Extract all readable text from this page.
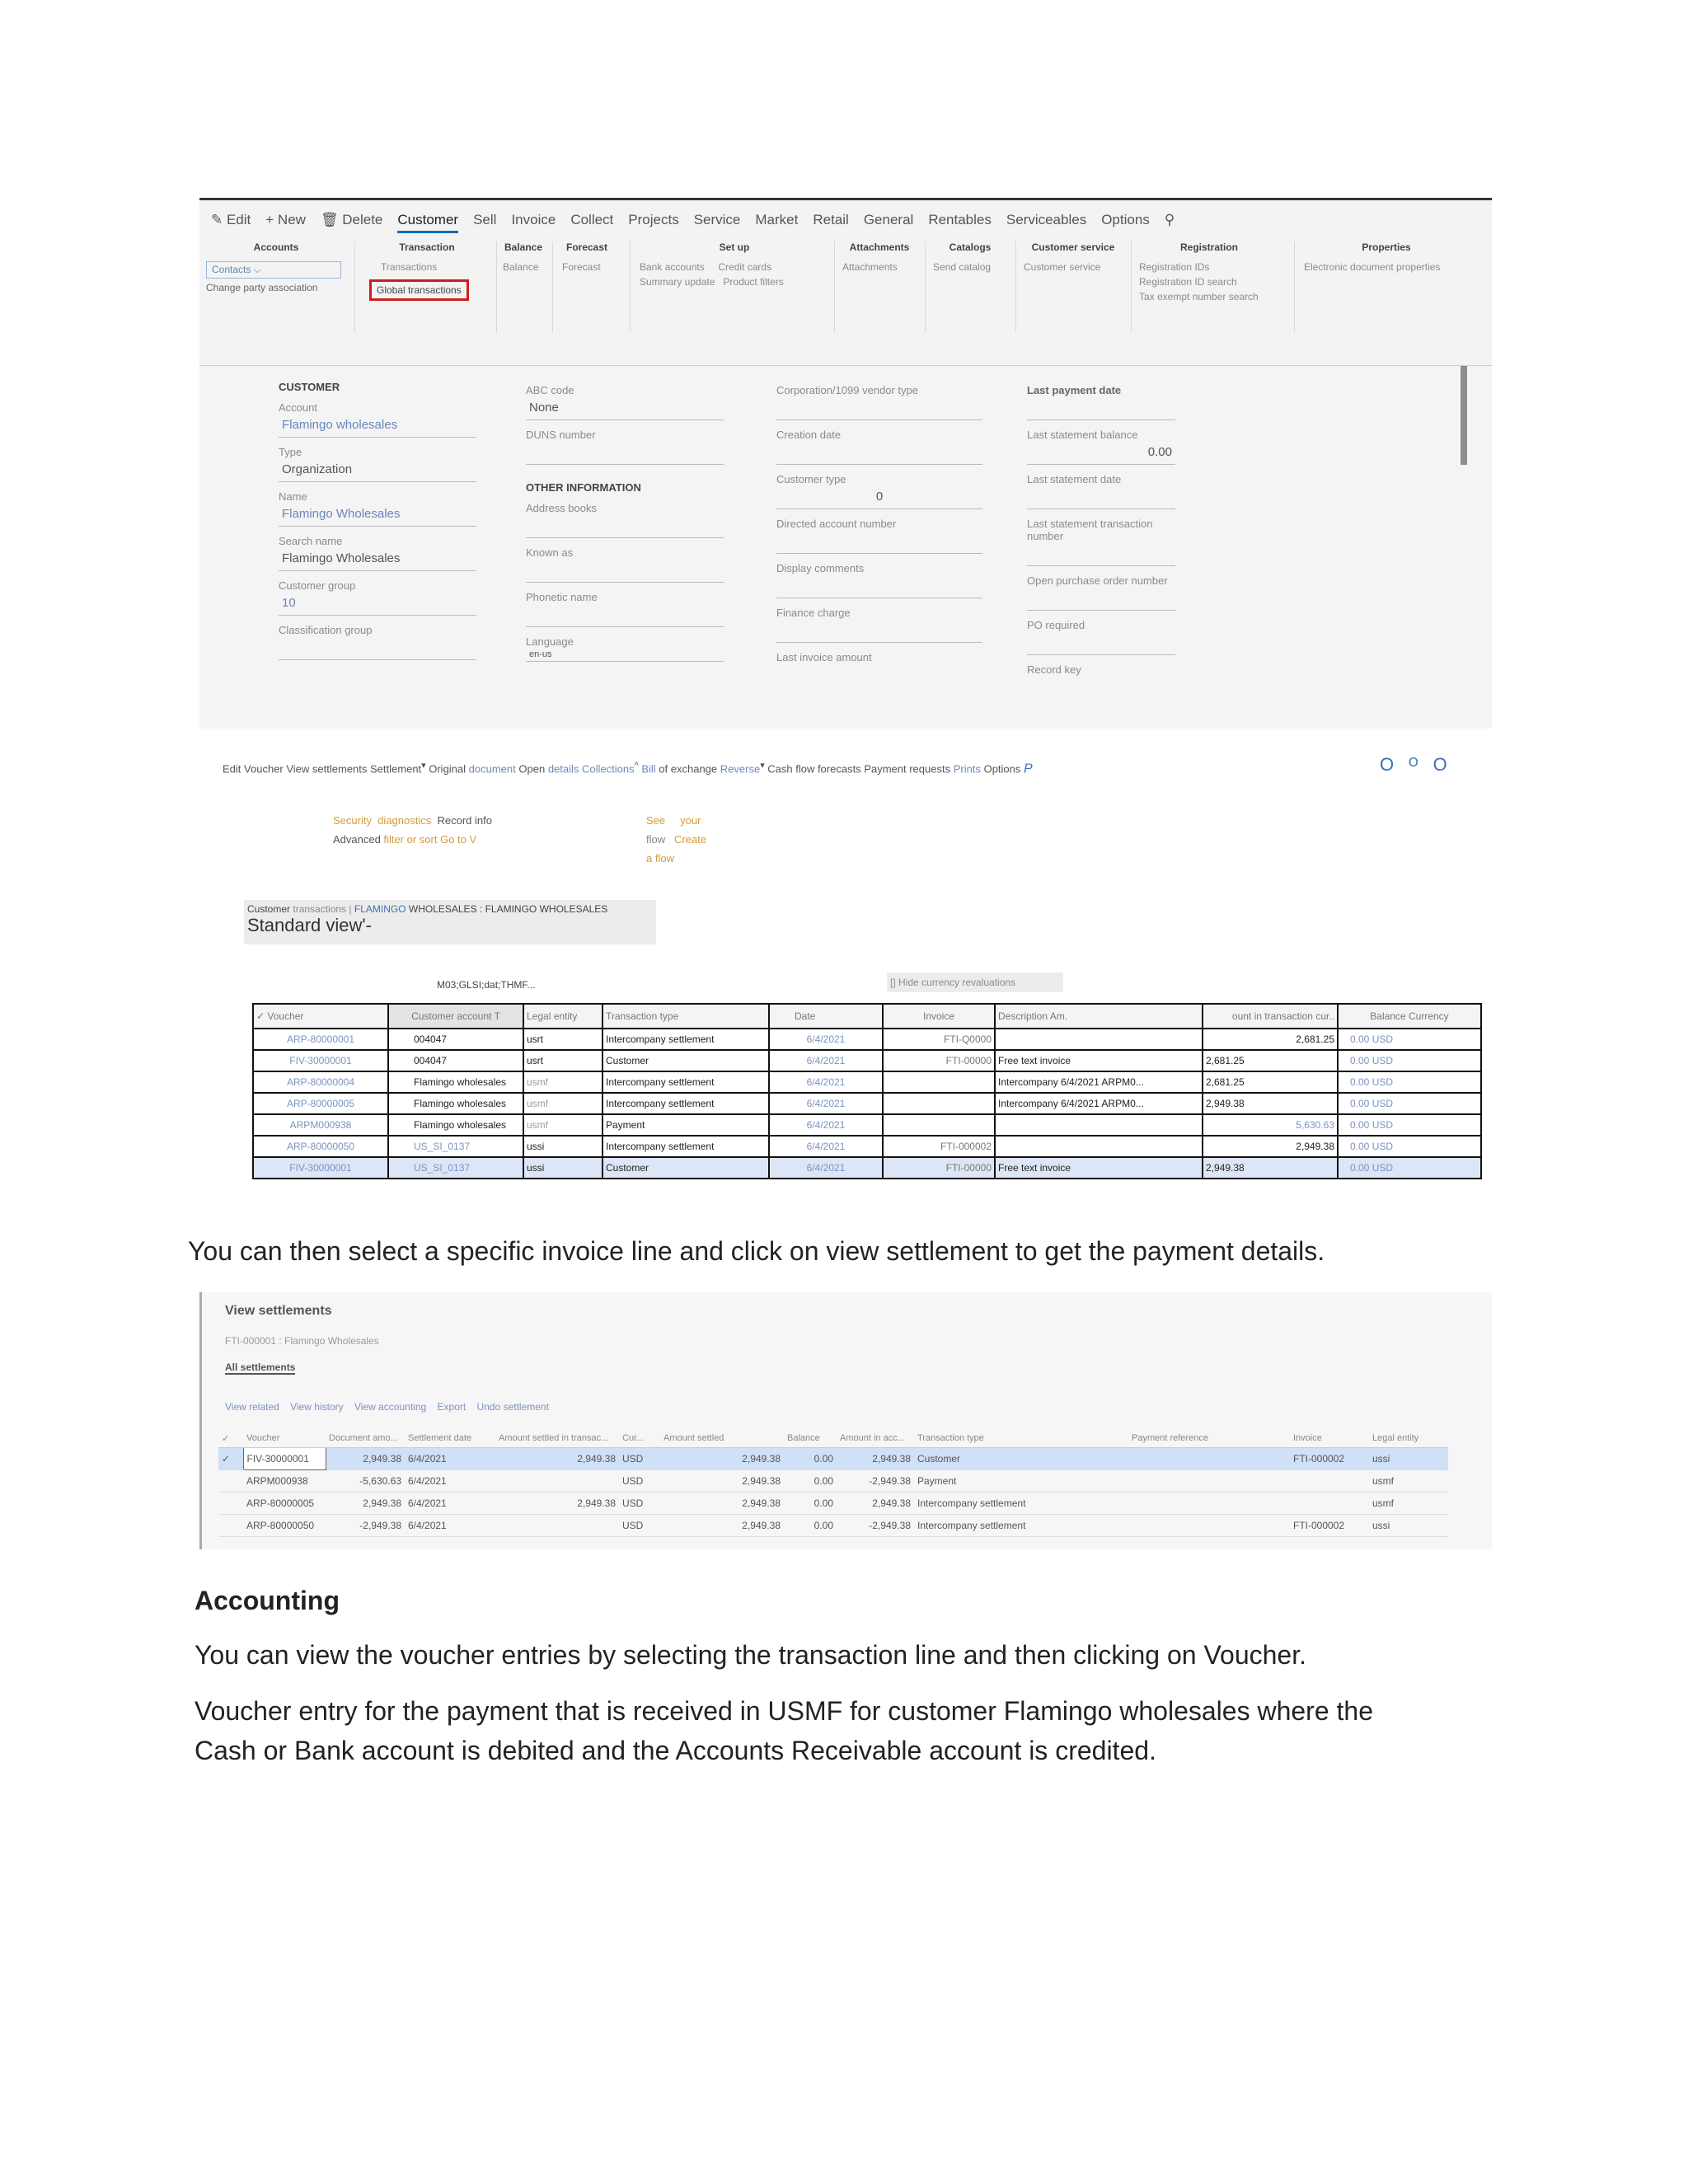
✎ Edit + New 🗑 Delete Customer Sell Invoice Collect Projects Service Market Retail General Rentables Serviceables Options ⚲
Accounts
Contacts ⌵
Change party association
Transaction
Transactions
Global transactions
Balance
Balance
Forecast
Forecast
Set up
Bank accounts Credit cards
Summary update Product filters
Attachments
Attachments
Catalogs
Send catalog
Customer service
Customer service
Registration
Registration IDs
Registration ID search
Tax exempt number search
Properties
Electronic document properties
CUSTOMER
Account
Flamingo wholesales
Type
Organization
Name
Flamingo Wholesales
Search name
Flamingo Wholesales
Customer group
10
Classification group
ABC code
None
DUNS number
OTHER INFORMATION
Address books
Known as
Phonetic name
Language
en-us
Corporation/1099 vendor type
Creation date
Customer type
0
Directed account number
Display comments
Finance charge
Last invoice amount
Last payment date
Last statement balance
0.00
Last statement date
Last statement transaction number
Open purchase order number
PO required
Record key
Edit Voucher View settlements Settlement▾ Original document Open details Collections^ Bill of exchange Reverse▾ Cash flow forecasts Payment requests Prints Options P	O ᴼ O
Security diagnostics Record info
Advanced filter or sort Go to V
See your
flow Create
a flow
Customer transactions | FLAMINGO WHOLESALES : FLAMINGO WHOLESALES
Standard view'-
M03;GLSI;dat;THMF...	[] Hide currency revaluations
✓ Voucher	Customer account T	Legal entity	Transaction type	Date	Invoice	Description Am.	ount in transaction cur..	Balance Currency
ARP-80000001	004047	usrt	Intercompany settlement	6/4/2021	FTI-Q0000		2,681.25	0.00 USD
FIV-30000001	004047	usrt	Customer	6/4/2021	FTI-00000	Free text invoice	2,681.25	0.00 USD
ARP-80000004	Flamingo wholesales	usmf	Intercompany settlement	6/4/2021		Intercompany 6/4/2021 ARPM0...	2,681.25	0.00 USD
ARP-80000005	Flamingo wholesales	usmf	Intercompany settlement	6/4/2021		Intercompany 6/4/2021 ARPM0...	2,949.38	0.00 USD
ARPM000938	Flamingo wholesales	usmf	Payment	6/4/2021			5,630.63	0.00 USD
ARP-80000050	US_SI_0137	ussi	Intercompany settlement	6/4/2021	FTI-000002		2,949.38	0.00 USD
FIV-30000001	US_SI_0137	ussi	Customer	6/4/2021	FTI-00000	Free text invoice	2,949.38	0.00 USD
You can then select a specific invoice line and click on view settlement to get the payment details.
View settlements
FTI-000001 : Flamingo Wholesales
All settlements
View related View history View accounting Export Undo settlement
✓	Voucher	Document amo...	Settlement date	Amount settled in transac...	Cur...	Amount settled	Balance	Amount in acc...	Transaction type	Payment reference	Invoice	Legal entity
✓	FIV-30000001	2,949.38	6/4/2021	2,949.38	USD	2,949.38	0.00	2,949.38	Customer		FTI-000002	ussi
	ARPM000938	-5,630.63	6/4/2021		USD	2,949.38	0.00	-2,949.38	Payment			usmf
	ARP-80000005	2,949.38	6/4/2021	2,949.38	USD	2,949.38	0.00	2,949.38	Intercompany settlement			usmf
	ARP-80000050	-2,949.38	6/4/2021		USD	2,949.38	0.00	-2,949.38	Intercompany settlement		FTI-000002	ussi
Accounting
You can view the voucher entries by selecting the transaction line and then clicking on Voucher.
Voucher entry for the payment that is received in USMF for customer Flamingo wholesales where the
Cash or Bank account is debited and the Accounts Receivable account is credited.
